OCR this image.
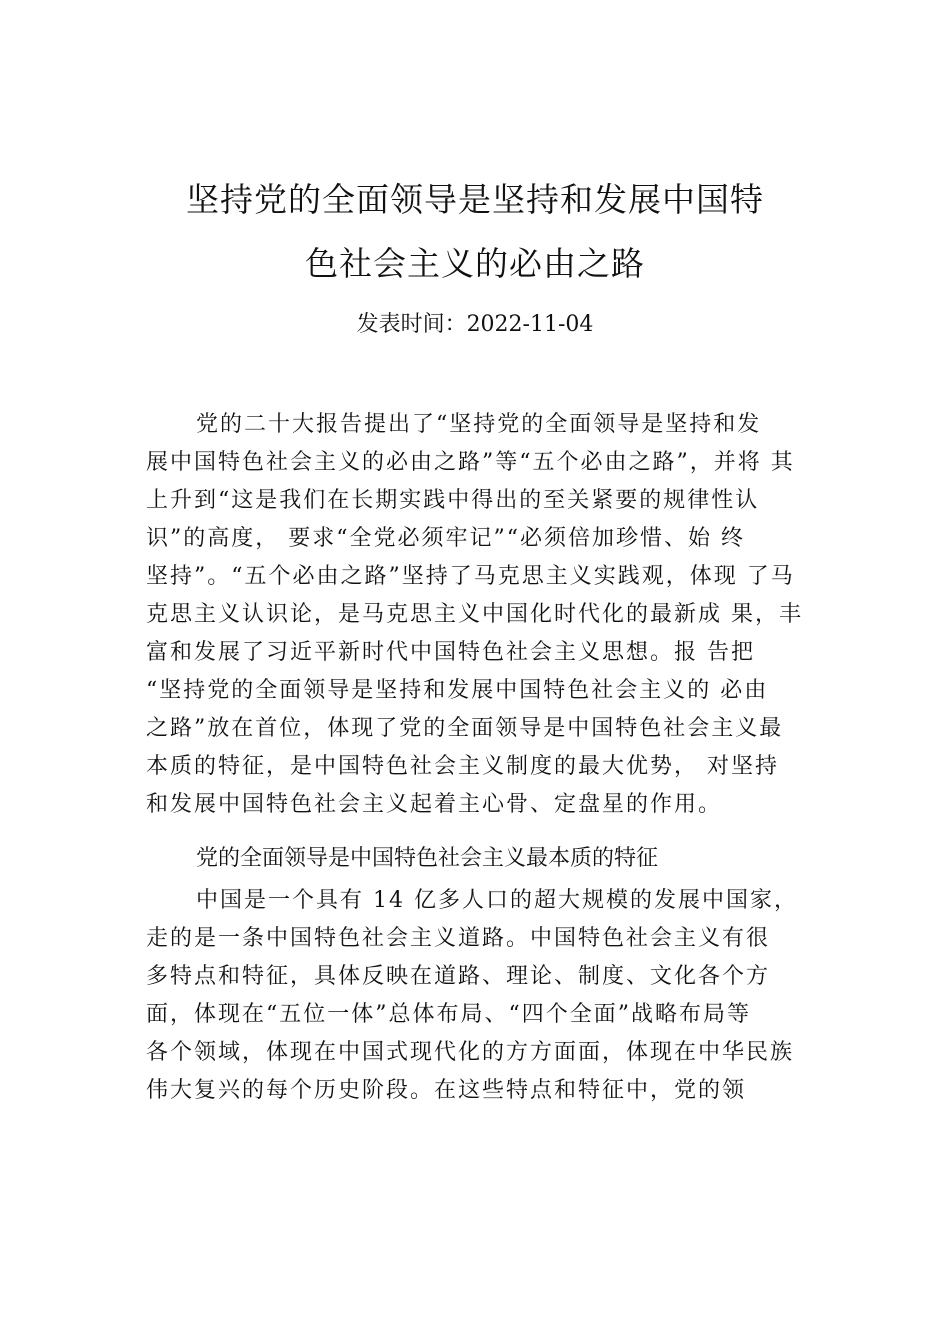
坚持党的全面领导是坚持和发展中国特
色社会主义的必由之路
发表时间：2022-11-04
党的二十大报告提出了“坚持党的全面领导是坚持和发
展中国特色社会主义的必由之路”等“五个必由之路”，并将 其
上升到“这是我们在长期实践中得出的至关紧要的规律性认
识”的高度， 要求“全党必须牢记”“必须倍加珍惜、始 终
坚持”。“五个必由之路”坚持了马克思主义实践观，体现 了马
克思主义认识论，是马克思主义中国化时代化的最新成 果，丰
富和发展了习近平新时代中国特色社会主义思想。报 告把
“坚持党的全面领导是坚持和发展中国特色社会主义的 必由
之路”放在首位，体现了党的全面领导是中国特色社会主义最
本质的特征，是中国特色社会主义制度的最大优势， 对坚持
和发展中国特色社会主义起着主心骨、定盘星的作用。
党的全面领导是中国特色社会主义最本质的特征
中国是一个具有 14 亿多人口的超大规模的发展中国家，
走的是一条中国特色社会主义道路。中国特色社会主义有很
多特点和特征，具体反映在道路、理论、制度、文化各个方
面，体现在“五位一体”总体布局、“四个全面”战略布局等
各个领域，体现在中国式现代化的方方面面，体现在中华民族
伟大复兴的每个历史阶段。在这些特点和特征中，党的领
